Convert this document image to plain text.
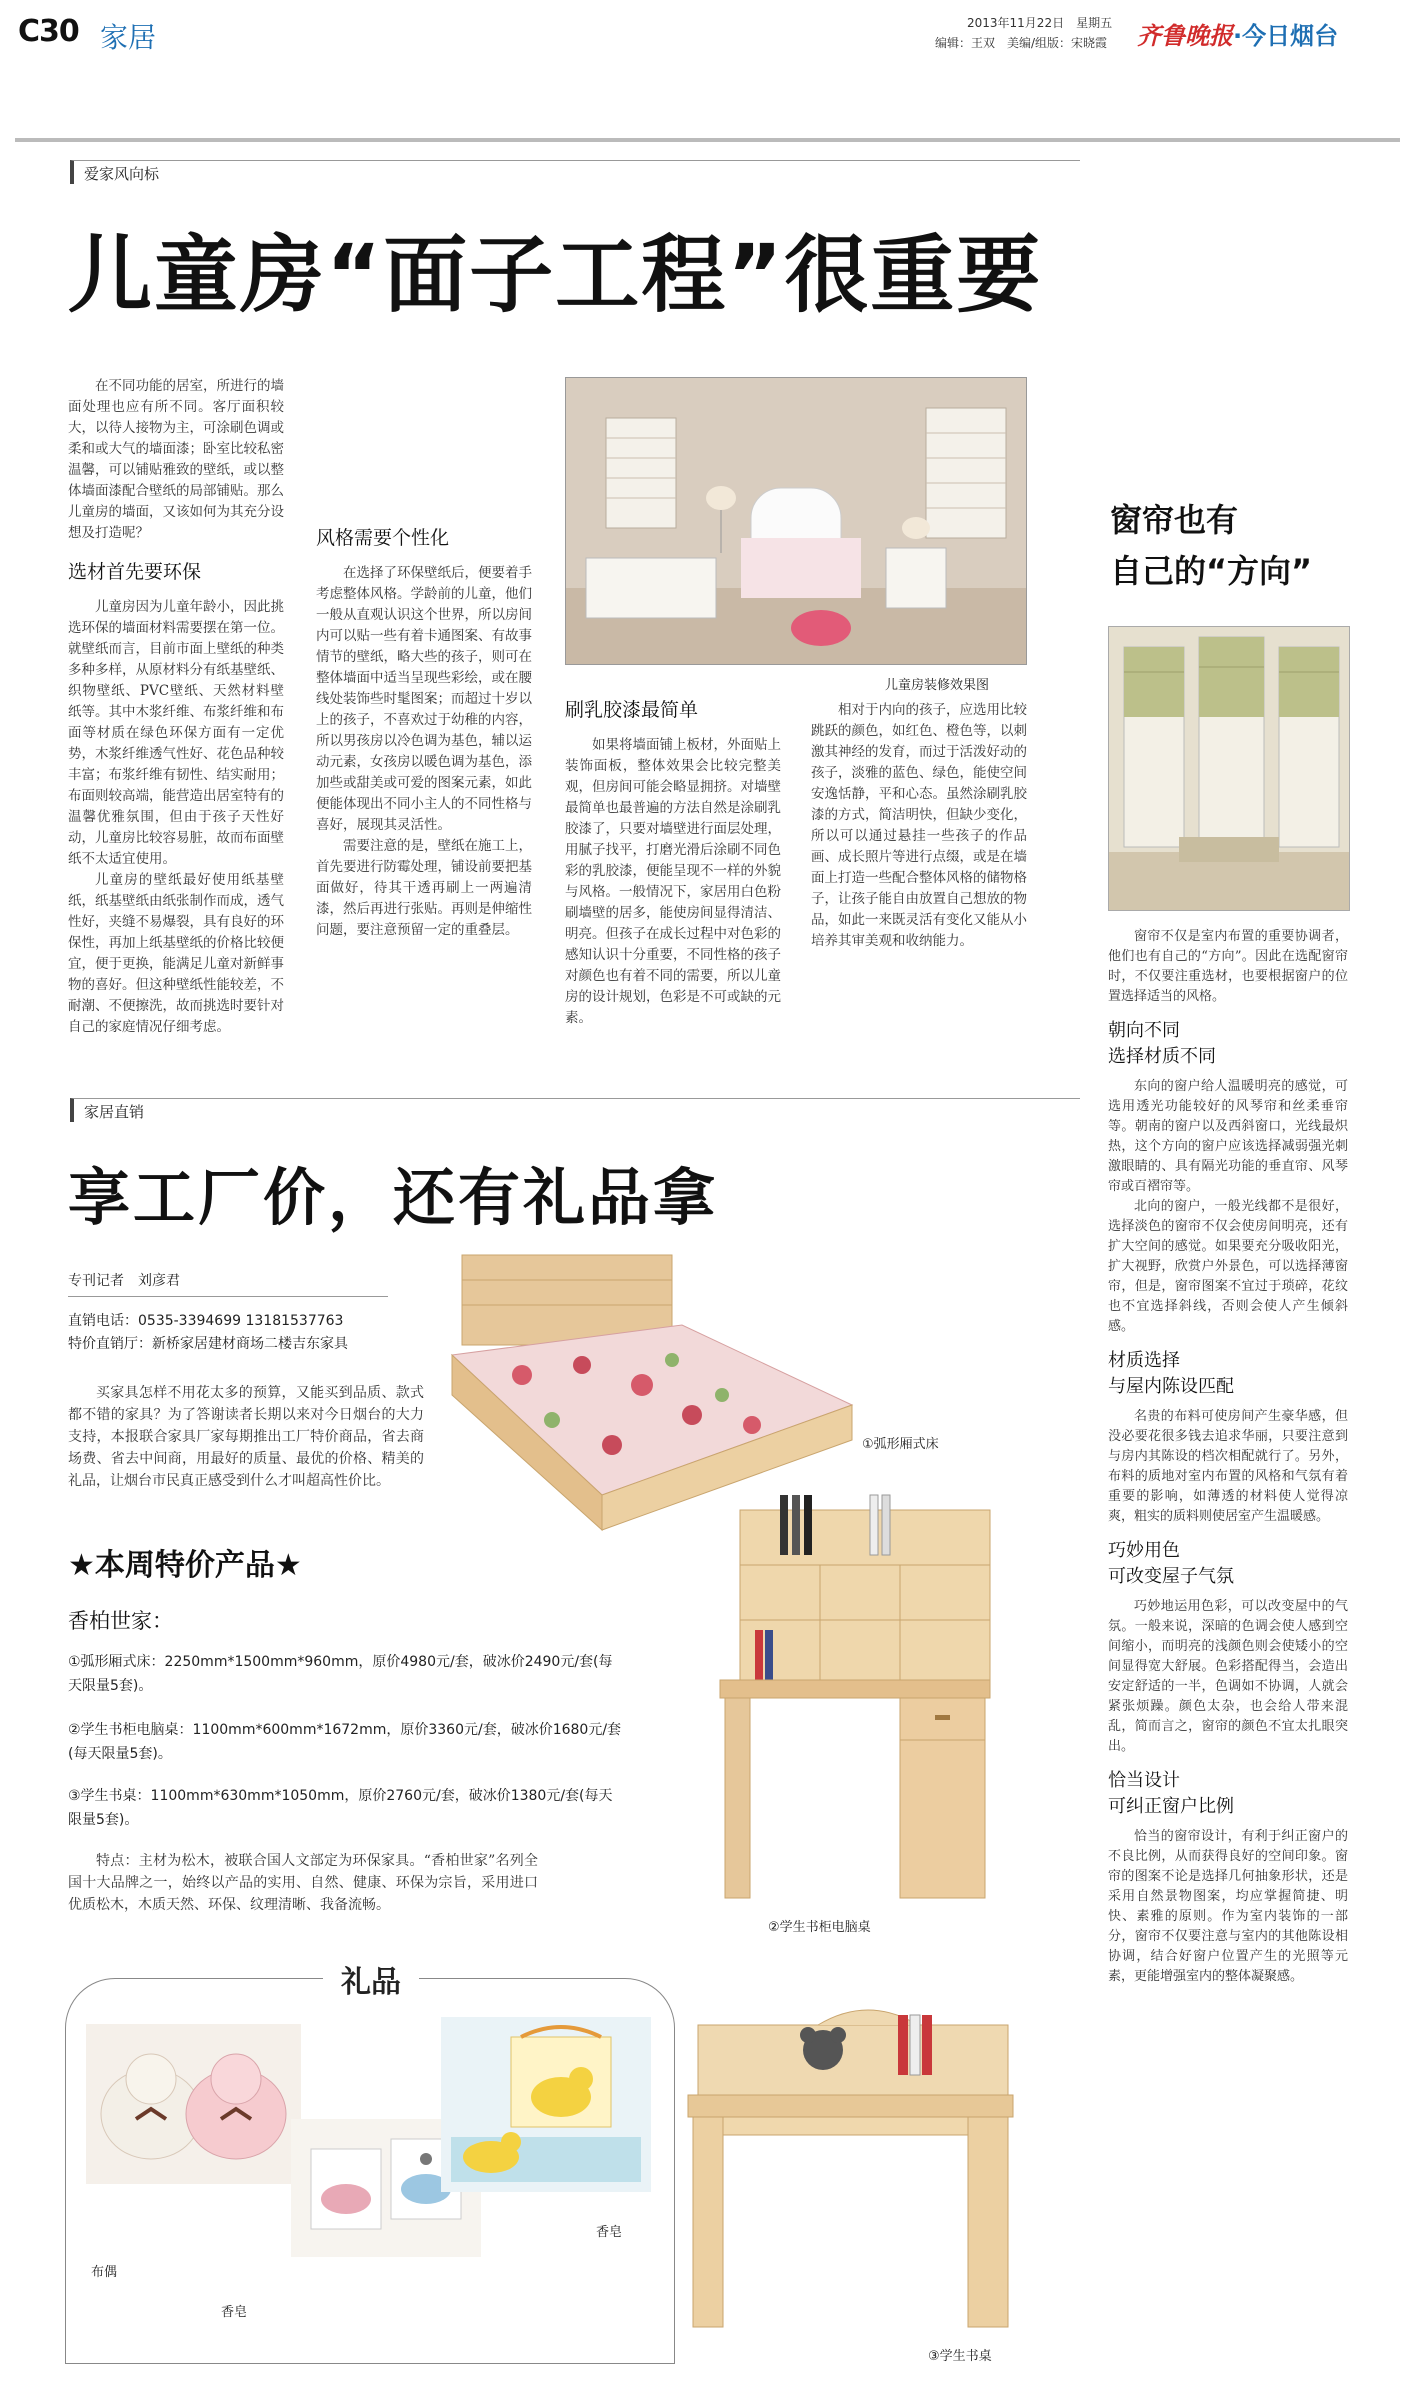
C30 家居	2013年11月22日　星期五
编辑：王双　美编/组版：宋晓霞 齐鲁晚报·今日烟台
爱家风向标
儿童房“面子工程”很重要

在不同功能的居室，所进行的墙面处理也应有所不同。客厅面积较大，以待人接物为主，可涂刷色调或柔和或大气的墙面漆；卧室比较私密温馨，可以铺贴雅致的壁纸，或以整体墙面漆配合壁纸的局部铺贴。那么儿童房的墙面，又该如何为其充分设想及打造呢？

选材首先要环保

儿童房因为儿童年龄小，因此挑选环保的墙面材料需要摆在第一位。就壁纸而言，目前市面上壁纸的种类多种多样，从原材料分有纸基壁纸、织物壁纸、PVC壁纸、天然材料壁纸等。其中木浆纤维、布浆纤维和布面等材质在绿色环保方面有一定优势，木浆纤维透气性好、花色品种较丰富；布浆纤维有韧性、结实耐用；布面则较高端，能营造出居室特有的温馨优雅氛围，但由于孩子天性好动，儿童房比较容易脏，故而布面壁纸不太适宜使用。

儿童房的壁纸最好使用纸基壁纸，纸基壁纸由纸张制作而成，透气性好，夹缝不易爆裂，具有良好的环保性，再加上纸基壁纸的价格比较便宜，便于更换，能满足儿童对新鲜事物的喜好。但这种壁纸性能较差，不耐潮、不便擦洗，故而挑选时要针对自己的家庭情况仔细考虑。

风格需要个性化

在选择了环保壁纸后，便要着手考虑整体风格。学龄前的儿童，他们一般从直观认识这个世界，所以房间内可以贴一些有着卡通图案、有故事情节的壁纸，略大些的孩子，则可在整体墙面中适当呈现些彩绘，或在腰线处装饰些时髦图案；而超过十岁以上的孩子，不喜欢过于幼稚的内容，所以男孩房以冷色调为基色，辅以运动元素，女孩房以暖色调为基色，添加些或甜美或可爱的图案元素，如此便能体现出不同小主人的不同性格与喜好，展现其灵活性。

需要注意的是，壁纸在施工上，首先要进行防霉处理，铺设前要把基面做好，待其干透再刷上一两遍清漆，然后再进行张贴。再则是伸缩性问题，要注意预留一定的重叠层。

儿童房装修效果图
刷乳胶漆最简单

如果将墙面铺上板材，外面贴上装饰面板，整体效果会比较完整美观，但房间可能会略显拥挤。对墙壁最简单也最普遍的方法自然是涂刷乳胶漆了，只要对墙壁进行面层处理，用腻子找平，打磨光滑后涂刷不同色彩的乳胶漆，便能呈现不一样的外貌与风格。一般情况下，家居用白色粉刷墙壁的居多，能使房间显得清洁、明亮。但孩子在成长过程中对色彩的感知认识十分重要，不同性格的孩子对颜色也有着不同的需要，所以儿童房的设计规划，色彩是不可或缺的元素。

相对于内向的孩子，应选用比较跳跃的颜色，如红色、橙色等，以刺激其神经的发育，而过于活泼好动的孩子，淡雅的蓝色、绿色，能使空间安逸恬静，平和心态。虽然涂刷乳胶漆的方式，简洁明快，但缺少变化，所以可以通过悬挂一些孩子的作品画、成长照片等进行点缀，或是在墙面上打造一些配合整体风格的储物格子，让孩子能自由放置自己想放的物品，如此一来既灵活有变化又能从小培养其审美观和收纳能力。

窗帘也有
自己的“方向”

窗帘不仅是室内布置的重要协调者，他们也有自己的“方向”。因此在选配窗帘时，不仅要注重选材，也要根据窗户的位置选择适当的风格。

朝向不同
选择材质不同

东向的窗户给人温暖明亮的感觉，可选用透光功能较好的风琴帘和丝柔垂帘等。朝南的窗户以及西斜窗口，光线最炽热，这个方向的窗户应该选择减弱强光刺激眼睛的、具有隔光功能的垂直帘、风琴帘或百褶帘等。

北向的窗户，一般光线都不是很好，选择淡色的窗帘不仅会使房间明亮，还有扩大空间的感觉。如果要充分吸收阳光，扩大视野，欣赏户外景色，可以选择薄窗帘，但是，窗帘图案不宜过于琐碎，花纹也不宜选择斜线，否则会使人产生倾斜感。

材质选择
与屋内陈设匹配

名贵的布料可使房间产生豪华感，但没必要花很多钱去追求华丽，只要注意到与房内其陈设的档次相配就行了。另外，布料的质地对室内布置的风格和气氛有着重要的影响，如薄透的材料使人觉得凉爽，粗实的质料则使居室产生温暖感。

巧妙用色
可改变屋子气氛

巧妙地运用色彩，可以改变屋中的气氛。一般来说，深暗的色调会使人感到空间缩小，而明亮的浅颜色则会使矮小的空间显得宽大舒展。色彩搭配得当，会造出安定舒适的一半，色调如不协调，人就会紧张烦躁。颜色太杂，也会给人带来混乱，简而言之，窗帘的颜色不宜太扎眼突出。

恰当设计
可纠正窗户比例

恰当的窗帘设计，有利于纠正窗户的不良比例，从而获得良好的空间印象。窗帘的图案不论是选择几何抽象形状，还是采用自然景物图案，均应掌握简捷、明快、素雅的原则。作为室内装饰的一部分，窗帘不仅要注意与室内的其他陈设相协调，结合好窗户位置产生的光照等元素，更能增强室内的整体凝聚感。

家居直销
享工厂价，还有礼品拿
专刊记者　刘彦君
直销电话：0535-3394699 13181537763
特价直销厅：新桥家居建材商场二楼吉东家具
买家具怎样不用花太多的预算，又能买到品质、款式都不错的家具？为了答谢读者长期以来对今日烟台的大力支持，本报联合家具厂家每期推出工厂特价商品，省去商场费、省去中间商，用最好的质量、最优的价格、精美的礼品，让烟台市民真正感受到什么才叫超高性价比。
★本周特价产品★
香柏世家：
①弧形厢式床：2250mm*1500mm*960mm，原价4980元/套，破冰价2490元/套(每天限量5套)。
②学生书柜电脑桌：1100mm*600mm*1672mm，原价3360元/套，破冰价1680元/套(每天限量5套)。
③学生书桌：1100mm*630mm*1050mm，原价2760元/套，破冰价1380元/套(每天限量5套)。
特点：主材为松木，被联合国人文部定为环保家具。“香柏世家”名列全国十大品牌之一，始终以产品的实用、自然、健康、环保为宗旨，采用进口优质松木，木质天然、环保、纹理清晰、我备流畅。
①弧形厢式床
②学生书柜电脑桌
礼品
布偶
香皂
香皂
③学生书桌
